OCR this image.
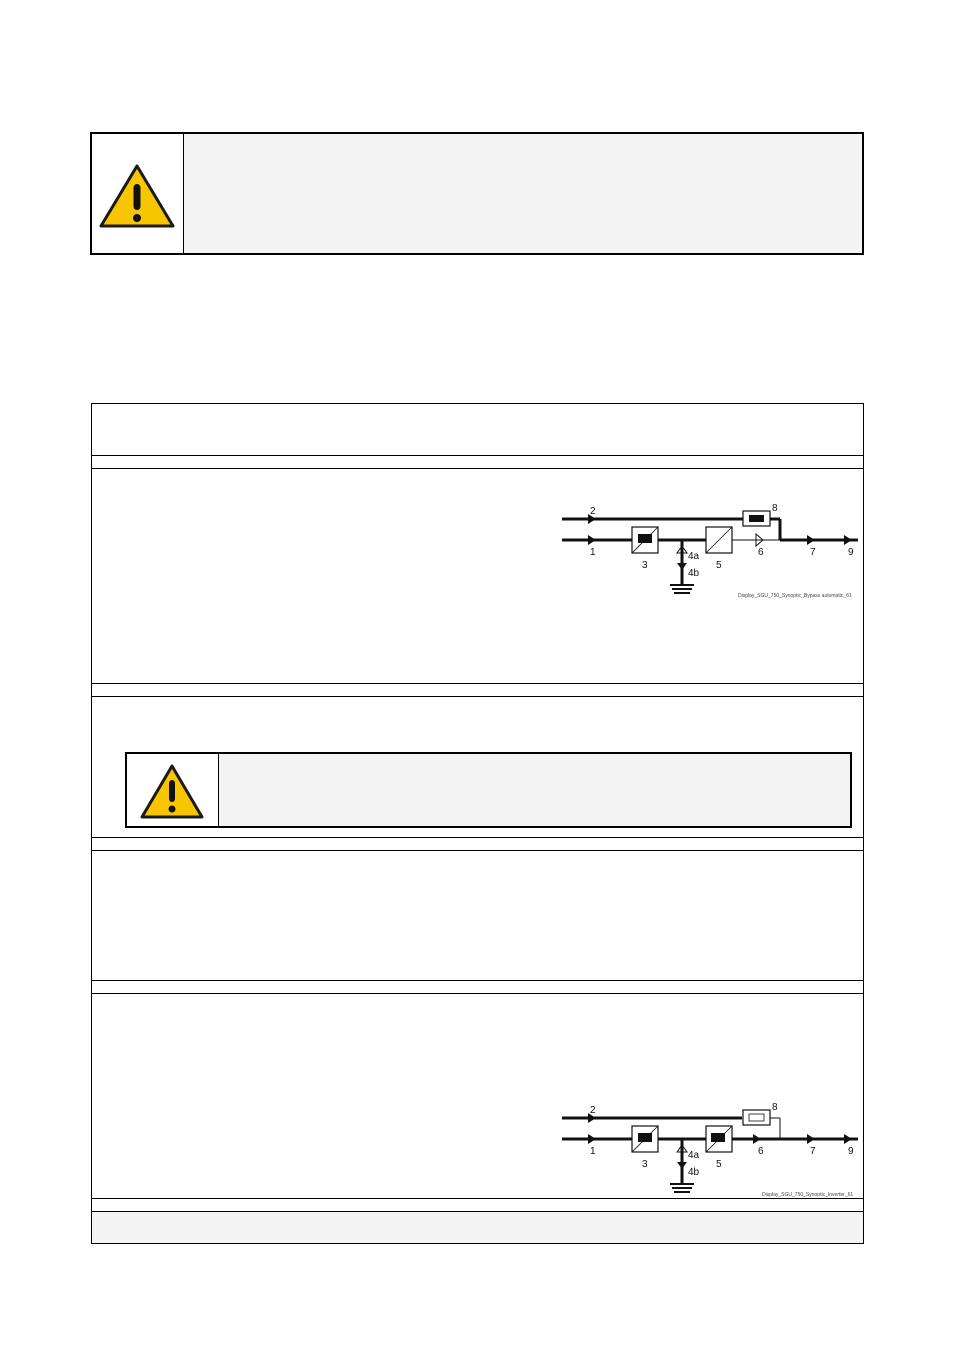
2
1
3
4a
4b
5
8
6	7	9
Display_SGU_750_Synoptic_Bypass automatic_61
2
1
3
4a
4b
5
8
6	7	9
Display_SGU_750_Synoptic_Inverter_61
